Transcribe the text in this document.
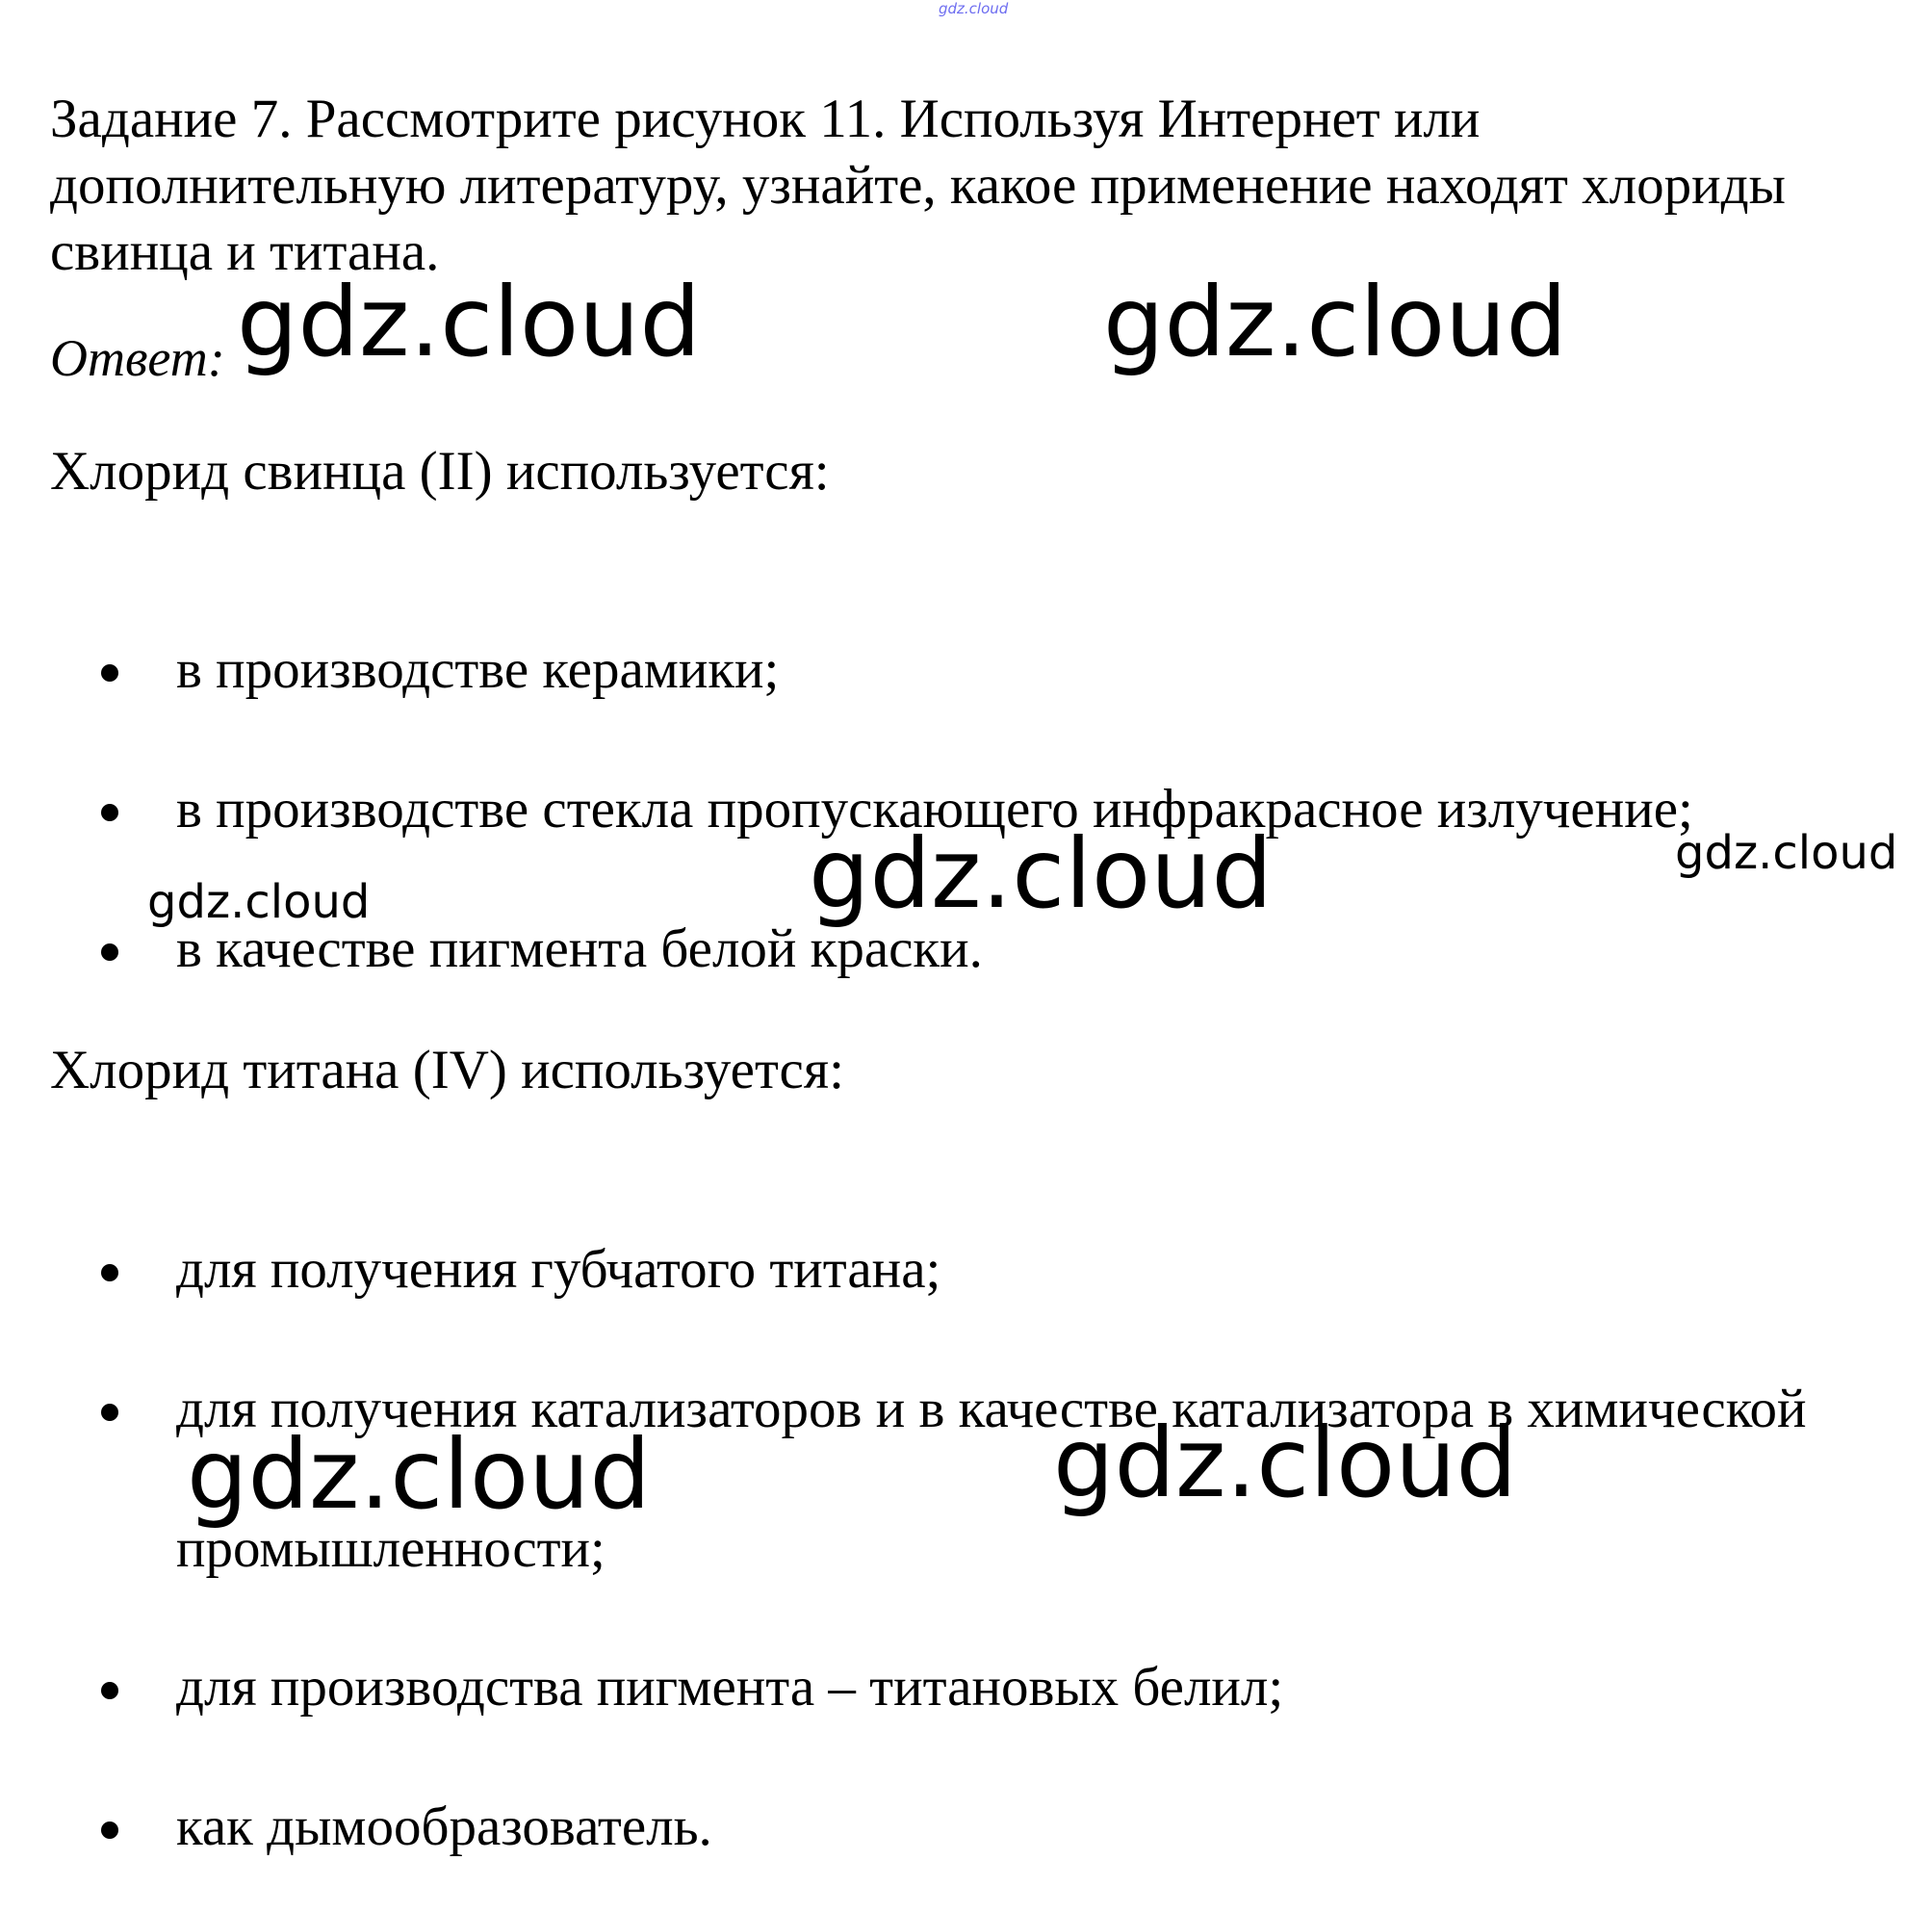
gdz.cloud

Задание 7. Рассмотрите рисунок 11. Используя Интернет или

дополнительную литературу, узнайте, какое применение находят хлориды

свинца и титана.

Ответ:

Хлорид свинца (II) используется:

в производстве керамики;

в производстве стекла пропускающего инфракрасное излучение;

в качестве пигмента белой краски.

Хлорид титана (IV) используется:

для получения губчатого титана;

для получения катализаторов и в качестве катализатора в химической

промышленности;

для производства пигмента – титановых белил;

как дымообразователь.

gdz.cloud	gdz.cloud
gdz.cloud
gdz.cloud
gdz.cloud
gdz.cloud	gdz.cloud
